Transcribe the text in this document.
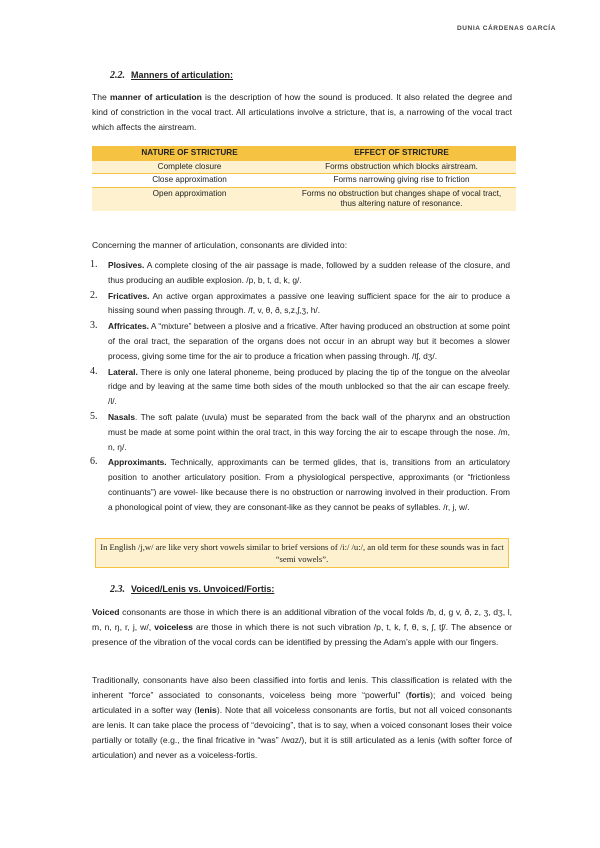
DUNIA CÁRDENAS GARCÍA
2.2. Manners of articulation:

The manner of articulation is the description of how the sound is produced. It also related the degree and kind of constriction in the vocal tract. All articulations involve a stricture, that is, a narrowing of the vocal tract which affects the airstream.

NATURE OF STRICTURE	EFFECT OF STRICTURE
Complete closure	Forms obstruction which blocks airstream.
Close approximation	Forms narrowing giving rise to friction
Open approximation	Forms no obstruction but changes shape of vocal tract, thus altering nature of resonance.

Concerning the manner of articulation, consonants are divided into:

1. Plosives. A complete closing of the air passage is made, followed by a sudden release of the closure, and thus producing an audible explosion. /p, b, t, d, k, g/.
2. Fricatives. An active organ approximates a passive one leaving sufficient space for the air to produce a hissing sound when passing through. /f, v, θ, ð, s,z,ʃ,ʒ, h/.
3. Affricates. A “mixture” between a plosive and a fricative. After having produced an obstruction at some point of the oral tract, the separation of the organs does not occur in an abrupt way but it becomes a slower process, giving some time for the air to produce a frication when passing through. /tʃ, dʒ/.
4. Lateral. There is only one lateral phoneme, being produced by placing the tip of the tongue on the alveolar ridge and by leaving at the same time both sides of the mouth unblocked so that the air can escape freely. /l/.
5. Nasals. The soft palate (uvula) must be separated from the back wall of the pharynx and an obstruction must be made at some point within the oral tract, in this way forcing the air to escape through the nose. /m, n, ŋ/.
6. Approximants. Technically, approximants can be termed glides, that is, transitions from an articulatory position to another articulatory position. From a physiological perspective, approximants (or “frictionless continuants”) are vowel- like because there is no obstruction or narrowing involved in their production. From a phonological point of view, they are consonant-like as they cannot be peaks of syllables. /r, j, w/.
In English /j,w/ are like very short vowels similar to brief versions of /i:/ /u:/, an old term for these sounds was in fact “semi vowels”.
2.3. Voiced/Lenis vs. Unvoiced/Fortis:

Voiced consonants are those in which there is an additional vibration of the vocal folds /b, d, g v, ð, z, ʒ, dʒ, l, m, n, ŋ, r, j, w/, voiceless are those in which there is not such vibration /p, t, k, f, θ, s, ʃ, tʃ/. The absence or presence of the vibration of the vocal cords can be identified by pressing the Adam’s apple with our fingers.

Traditionally, consonants have also been classified into fortis and lenis. This classification is related with the inherent “force” associated to consonants, voiceless being more “powerful” (fortis); and voiced being articulated in a softer way (lenis). Note that all voiceless consonants are fortis, but not all voiced consonants are lenis. It can take place the process of “devoicing”, that is to say, when a voiced consonant loses their voice partially or totally (e.g., the final fricative in “was” /wɑz/), but it is still articulated as a lenis (with softer force of articulation) and never as a voiceless-fortis.
